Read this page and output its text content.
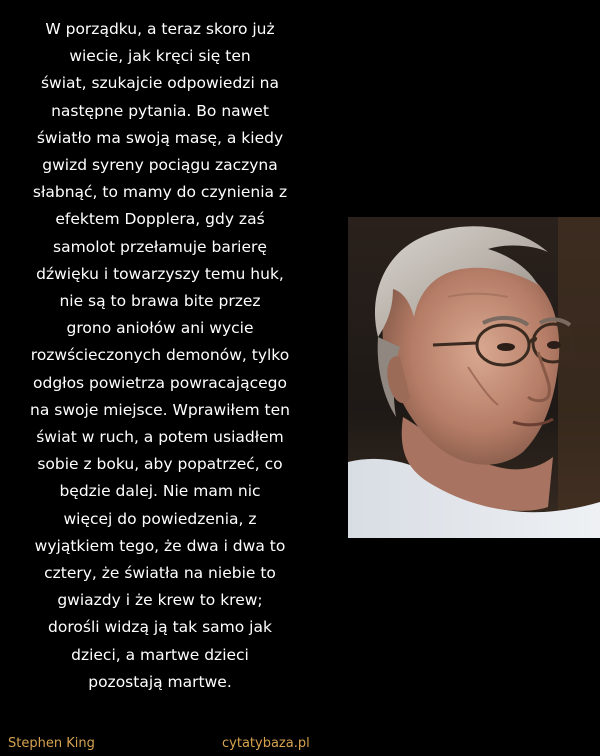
W porządku, a teraz skoro już
wiecie, jak kręci się ten
świat, szukajcie odpowiedzi na
następne pytania. Bo nawet
światło ma swoją masę, a kiedy
gwizd syreny pociągu zaczyna
słabnąć, to mamy do czynienia z
efektem Dopplera, gdy zaś
samolot przełamuje barierę
dźwięku i towarzyszy temu huk,
nie są to brawa bite przez
grono aniołów ani wycie
rozwścieczonych demonów, tylko
odgłos powietrza powracającego
na swoje miejsce. Wprawiłem ten
świat w ruch, a potem usiadłem
sobie z boku, aby popatrzeć, co
będzie dalej. Nie mam nic
więcej do powiedzenia, z
wyjątkiem tego, że dwa i dwa to
cztery, że światła na niebie to
gwiazdy i że krew to krew;
dorośli widzą ją tak samo jak
dzieci, a martwe dzieci
pozostają martwe.

Stephen King	cytatybaza.pl
